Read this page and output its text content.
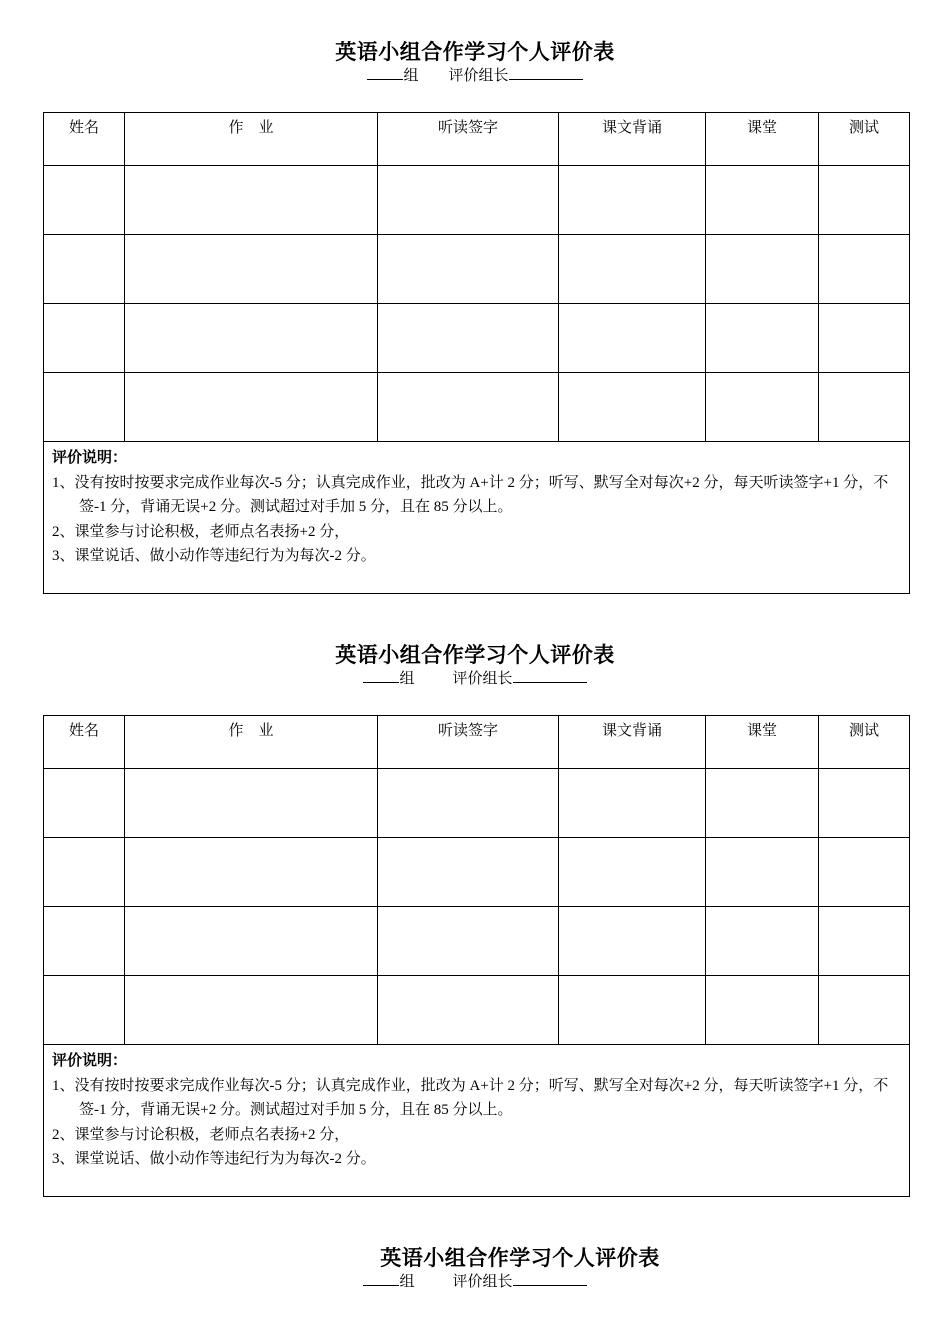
英语小组合作学习个人评价表
组 评价组长
姓名	作　业	听读签字	课文背诵	课堂	测试

评价说明：
1、没有按时按要求完成作业每次-5 分；认真完成作业，批改为 A+计 2 分；听写、默写全对每次+2 分，每天听读签字+1 分，不签-1 分，背诵无误+2 分。测试超过对手加 5 分，且在 85 分以上。
2、课堂参与讨论积极，老师点名表扬+2 分，
3、课堂说话、做小动作等违纪行为为每次-2 分。					
英语小组合作学习个人评价表
组	评价组长
姓名	作　业	听读签字	课文背诵	课堂	测试

评价说明：
1、没有按时按要求完成作业每次-5 分；认真完成作业，批改为 A+计 2 分；听写、默写全对每次+2 分，每天听读签字+1 分，不签-1 分，背诵无误+2 分。测试超过对手加 5 分，且在 85 分以上。
2、课堂参与讨论积极，老师点名表扬+2 分，
3、课堂说话、做小动作等违纪行为为每次-2 分。					
英语小组合作学习个人评价表
组	评价组长
